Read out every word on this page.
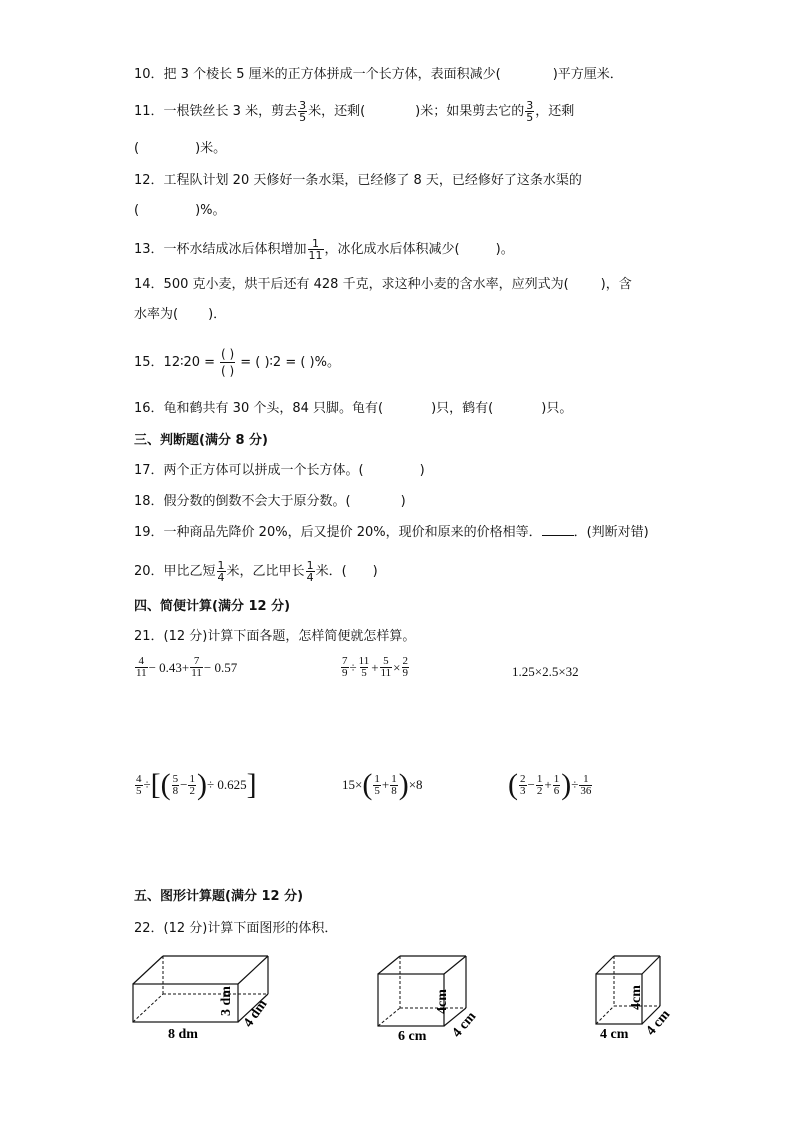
10．把 3 个棱长 5 厘米的正方体拼成一个长方体，表面积减少(	)平方厘米．
11．一根铁丝长 3 米，剪去 $\frac{3}{5}$ 米，还剩(	)米；如果剪去它的 $\frac{3}{5}$ ，还剩
(	)米。
12．工程队计划 20 天修好一条水渠，已经修了 8 天，已经修好了这条水渠的
(	)%。
13．一杯水结成冰后体积增加 $\frac{1}{11}$ ，冰化成水后体积减少(	)。
14．500 克小麦，烘干后还有 428 千克，求这种小麦的含水率，应列式为( )，含
水率为( )．
15． 12∶20 = $\frac{( )}{( )}$ = ( )∶2 = ( )%。
16．龟和鹤共有 30 个头，84 只脚。龟有(	)只，鹤有(	)只。
三、判断题(满分 8 分)
17．两个正方体可以拼成一个长方体。(	)
18．假分数的倒数不会大于原分数。(	)
19．一种商品先降价 20%，后又提价 20%，现价和原来的价格相等． ．(判断对错)
20．甲比乙短 $\frac{1}{4}$ 米，乙比甲长 $\frac{1}{4}$ 米．( )
四、简便计算(满分 12 分)
21．(12 分)计算下面各题，怎样简便就怎样算。
$\frac{4}{11} - 0.43+ \frac{7}{11} - 0.57$	$\frac{7}{9} \div \frac{11}{5} + \frac{5}{11} \times \frac{2}{9}$	1.25×2.5×32
$\frac{4}{5}$ ÷ [ ( $\frac{5}{8} - \frac{1}{2}$ ) ÷ 0.625 ]	15× ( $\frac{1}{5} + \frac{1}{8}$ ) ×8	( $\frac{2}{3} - \frac{1}{2} + \frac{1}{6}$ ) ÷ $\frac{1}{36}$
五、图形计算题(满分 12 分)
22．(12 分)计算下面图形的体积．
8 dm
3 dm 4 dm
6 cm
4cm
4 cm	4 cm
4cm
4 cm
